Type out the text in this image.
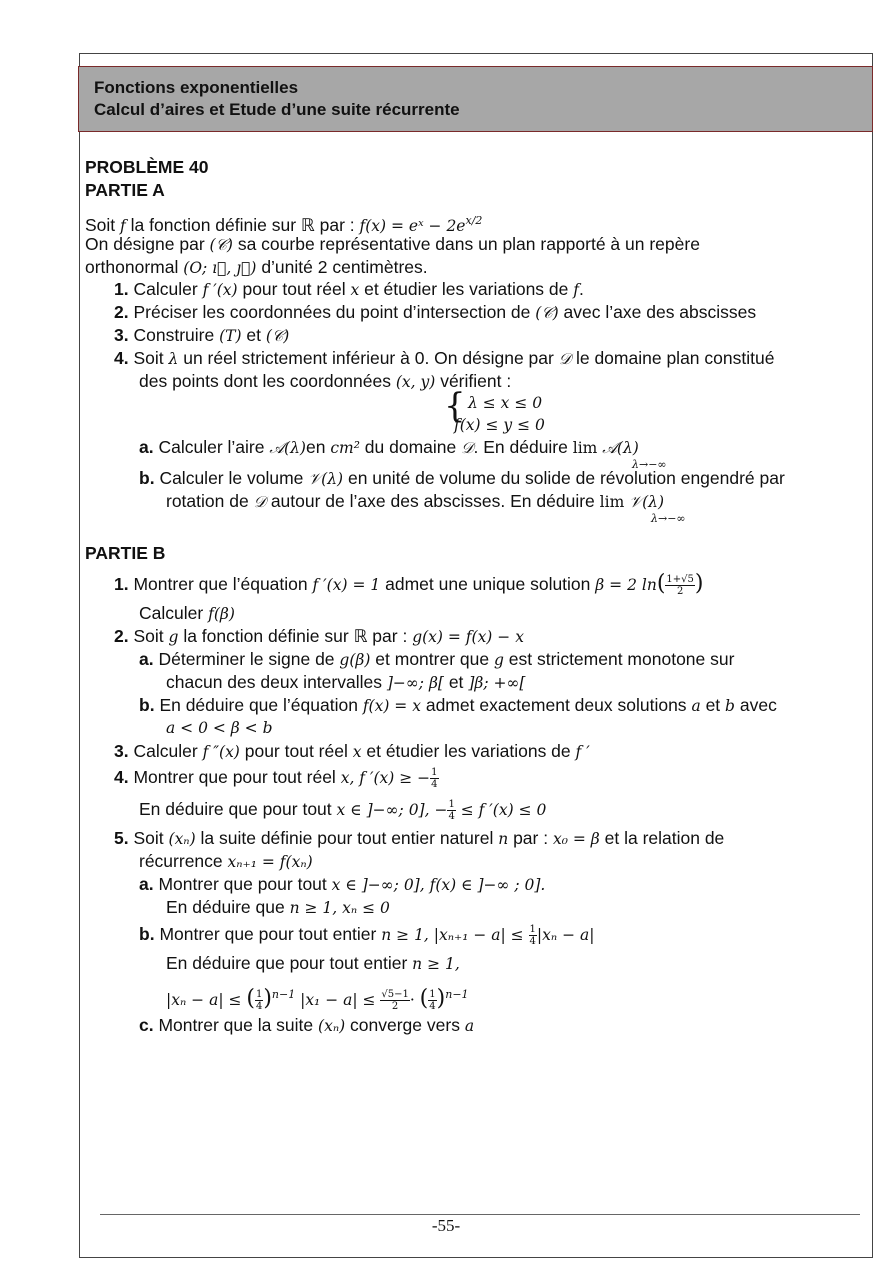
Fonctions exponentielles
Calcul d’aires et Etude d’une suite récurrente
PROBLÈME 40
PARTIE A
Soit f la fonction définie sur ℝ par : f(x) = eˣ − $2e^{x/2}$
On désigne par (𝒞) sa courbe représentative dans un plan rapporté à un repère
orthonormal (O; ı⃗, ȷ⃗) d’unité 2 centimètres.
1. Calculer f ′(x) pour tout réel x et étudier les variations de f.
2. Préciser les coordonnées du point d’intersection de (𝒞) avec l’axe des abscisses
3. Construire (T) et (𝒞)
4. Soit λ un réel strictement inférieur à 0. On désigne par 𝒟 le domaine plan constitué
des points dont les coordonnées (x, y) vérifient :
{ λ ≤ x ≤ 0
f(x) ≤ y ≤ 0
a. Calculer l’aire 𝒜(λ)en cm² du domaine 𝒟. En déduire lim 𝒜(λ)
λ→−∞
b. Calculer le volume 𝒱(λ) en unité de volume du solide de révolution engendré par
rotation de 𝒟 autour de l’axe des abscisses. En déduire lim 𝒱(λ)
λ→−∞
PARTIE B
1. Montrer que l’équation f ′(x) = 1 admet une unique solution β = 2 $\ln( \frac{1+√5}{2}$ )
Calculer f(β)
2. Soit g la fonction définie sur ℝ par : g(x) = f(x) − x
a. Déterminer le signe de g(β) et montrer que g est strictement monotone sur
chacun des deux intervalles ]−∞; β[ et ]β; +∞[
b. En déduire que l’équation f(x) = x admet exactement deux solutions a et b avec
a < 0 < β < b
3. Calculer f ″(x) pour tout réel x et étudier les variations de f ′
4. Montrer que pour tout réel x, f ′(x) ≥ − $\frac{1}{4}$
En déduire que pour tout x ∈ ]−∞; 0], − $\frac{1}{4} \le f$ ′(x) ≤ 0
5. Soit (xₙ) la suite définie pour tout entier naturel n par : x₀ = β et la relation de
récurrence xₙ₊₁ = f(xₙ)
a. Montrer que pour tout x ∈ ]−∞; 0], f(x) ∈ ]−∞ ; 0].
En déduire que n ≥ 1, xₙ ≤ 0
b. Montrer que pour tout entier n ≥ 1, $|x_{n+1} - a| \le \frac{1}{4} |x_n - a|$
En déduire que pour tout entier n ≥ 1,
|xₙ − a| ≤ ( $\frac{1}{4} )^{n-1}$ $|x_1 - a| \le \frac{√5-1}{2}$ · ( $\frac{1}{4} )^{n-1}$
c. Montrer que la suite (xₙ) converge vers a
-55-
